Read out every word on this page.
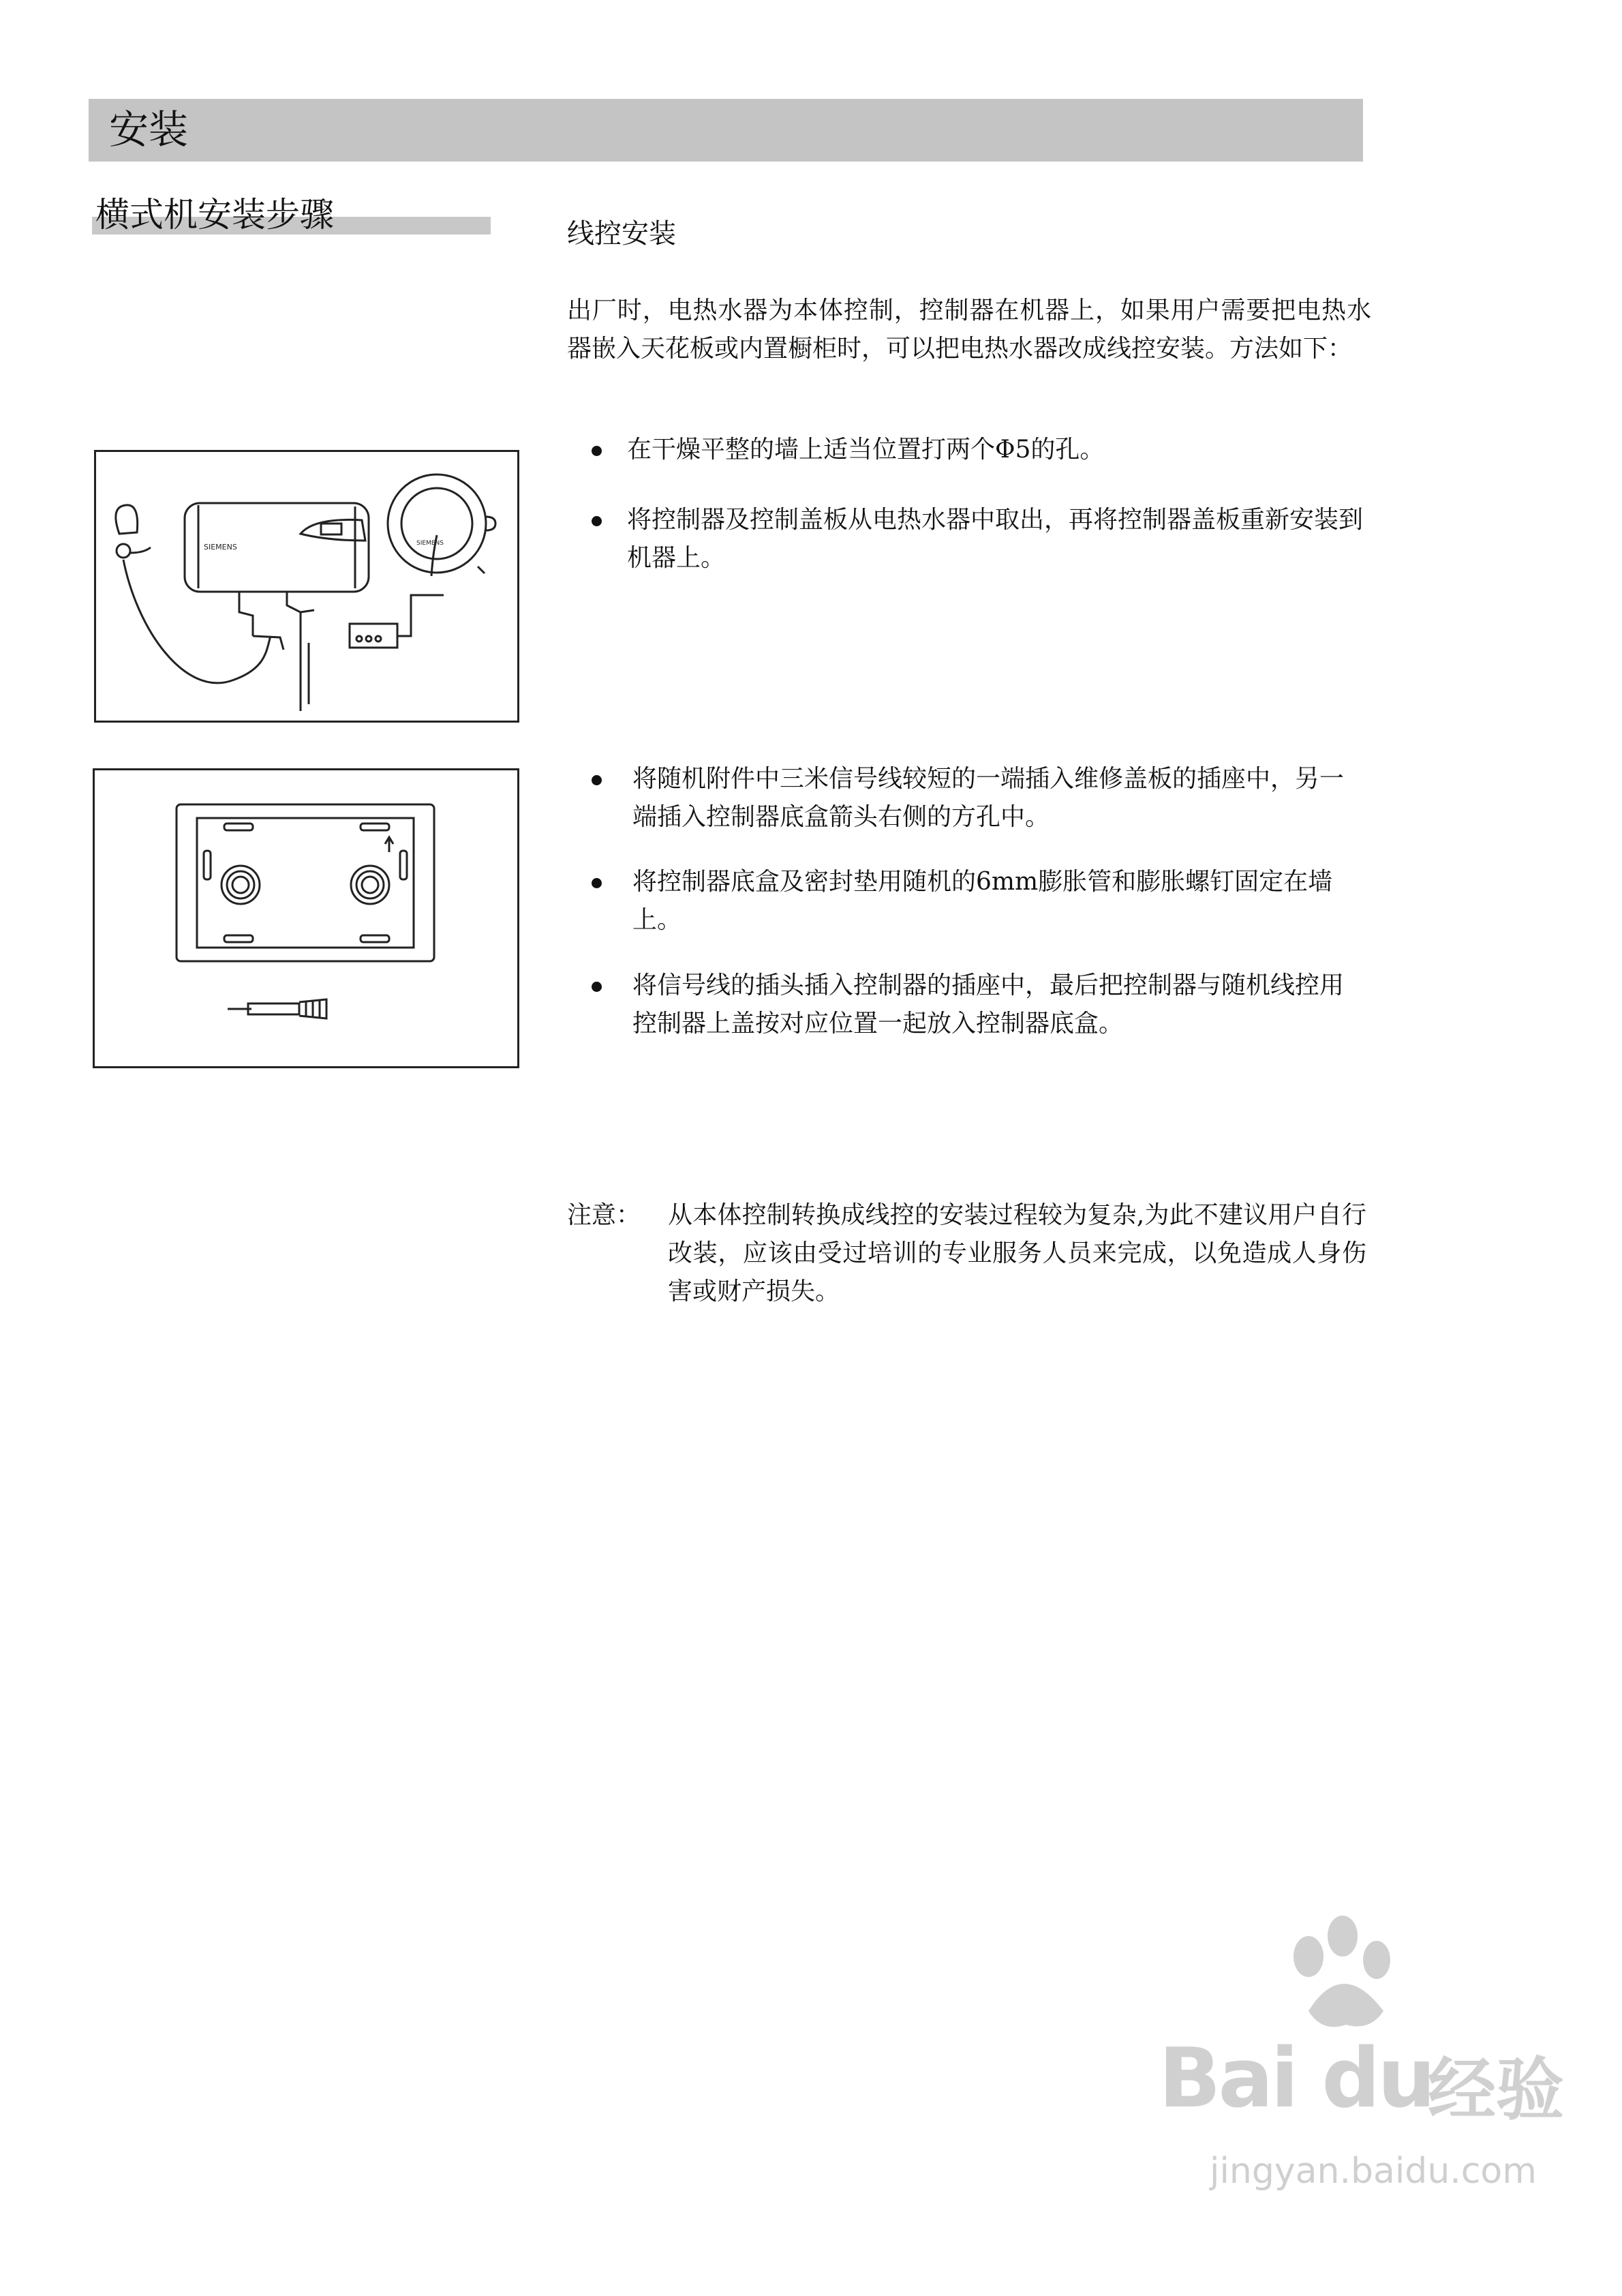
安装
横式机安装步骤	线控安装
出厂时，电热水器为本体控制，控制器在机器上，如果用户需要把电热水器嵌入天花板或内置橱柜时，可以把电热水器改成线控安装。方法如下：
在干燥平整的墙上适当位置打两个Φ5的孔。
将控制器及控制盖板从电热水器中取出，再将控制器盖板重新安装到机器上。
将随机附件中三米信号线较短的一端插入维修盖板的插座中，另一端插入控制器底盒箭头右侧的方孔中。
将控制器底盒及密封垫用随机的6mm膨胀管和膨胀螺钉固定在墙上。
将信号线的插头插入控制器的插座中，最后把控制器与随机线控用控制器上盖按对应位置一起放入控制器底盒。
注意： 从本体控制转换成线控的安装过程较为复杂,为此不建议用户自行改装，应该由受过培训的专业服务人员来完成，以免造成人身伤害或财产损失。
SIEMENS	SIEMENS
Bai du
经验
jingyan.baidu.com
